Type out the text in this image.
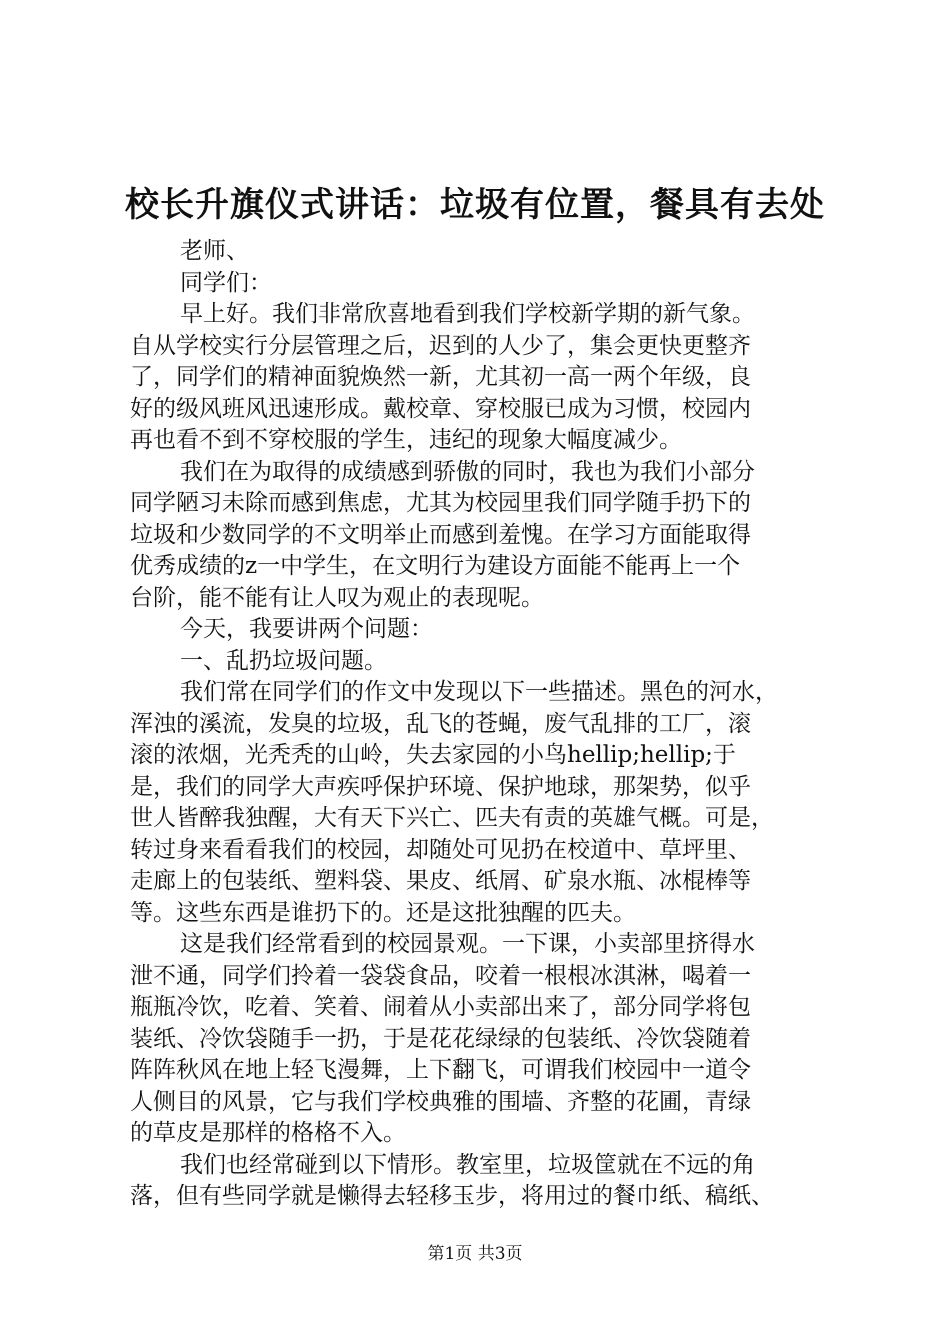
校长升旗仪式讲话：垃圾有位置，餐具有去处
老师、
同学们：
早上好。我们非常欣喜地看到我们学校新学期的新气象。
自从学校实行分层管理之后，迟到的人少了，集会更快更整齐
了，同学们的精神面貌焕然一新，尤其初一高一两个年级，良
好的级风班风迅速形成。戴校章、穿校服已成为习惯，校园内
再也看不到不穿校服的学生，违纪的现象大幅度减少。
我们在为取得的成绩感到骄傲的同时，我也为我们小部分
同学陋习未除而感到焦虑，尤其为校园里我们同学随手扔下的
垃圾和少数同学的不文明举止而感到羞愧。在学习方面能取得
优秀成绩的z一中学生，在文明行为建设方面能不能再上一个
台阶，能不能有让人叹为观止的表现呢。
今天，我要讲两个问题：
一、乱扔垃圾问题。
我们常在同学们的作文中发现以下一些描述。黑色的河水，
浑浊的溪流，发臭的垃圾，乱飞的苍蝇，废气乱排的工厂，滚
滚的浓烟，光秃秃的山岭，失去家园的小鸟hellip;hellip;于
是，我们的同学大声疾呼保护环境、保护地球，那架势，似乎
世人皆醉我独醒，大有天下兴亡、匹夫有责的英雄气概。可是，
转过身来看看我们的校园，却随处可见扔在校道中、草坪里、
走廊上的包装纸、塑料袋、果皮、纸屑、矿泉水瓶、冰棍棒等
等。这些东西是谁扔下的。还是这批独醒的匹夫。
这是我们经常看到的校园景观。一下课，小卖部里挤得水
泄不通，同学们拎着一袋袋食品，咬着一根根冰淇淋，喝着一
瓶瓶冷饮，吃着、笑着、闹着从小卖部出来了，部分同学将包
装纸、冷饮袋随手一扔，于是花花绿绿的包装纸、冷饮袋随着
阵阵秋风在地上轻飞漫舞，上下翻飞，可谓我们校园中一道令
人侧目的风景，它与我们学校典雅的围墙、齐整的花圃，青绿
的草皮是那样的格格不入。
我们也经常碰到以下情形。教室里，垃圾筐就在不远的角
落，但有些同学就是懒得去轻移玉步，将用过的餐巾纸、稿纸、
第1页 共3页
